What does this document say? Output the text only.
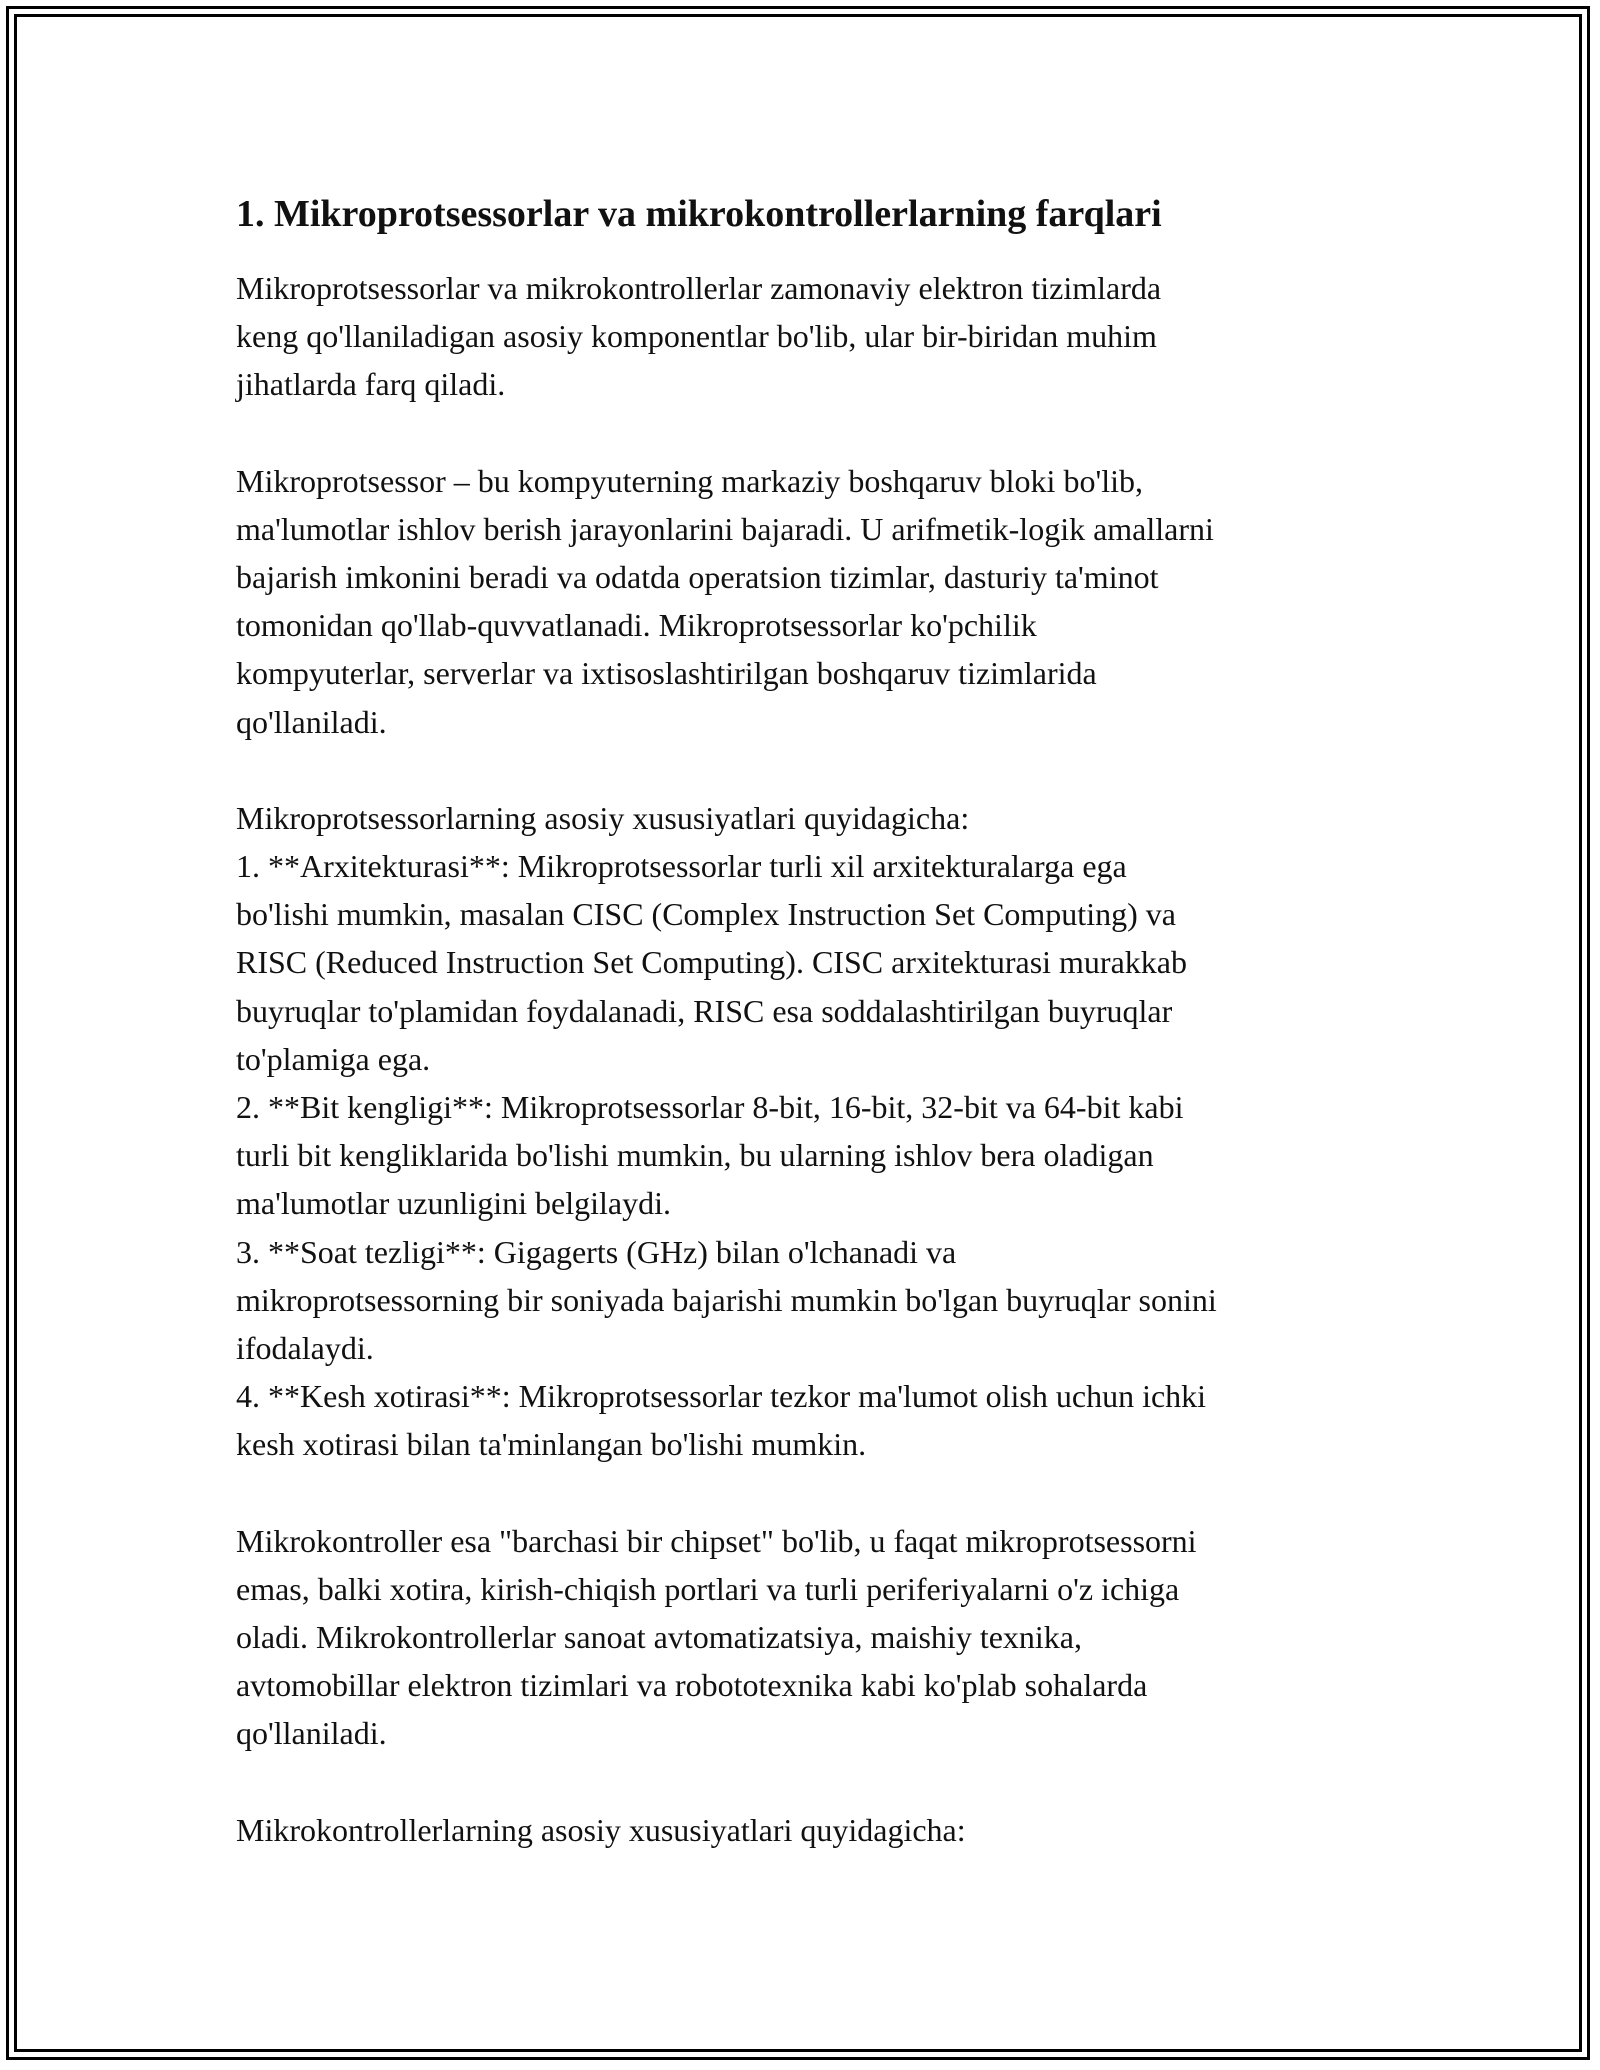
1. Mikroprotsessorlar va mikrokontrollerlarning farqlari

Mikroprotsessorlar va mikrokontrollerlar zamonaviy elektron tizimlarda
keng qo'llaniladigan asosiy komponentlar bo'lib, ular bir-biridan muhim
jihatlarda farq qiladi.

Mikroprotsessor – bu kompyuterning markaziy boshqaruv bloki bo'lib,
ma'lumotlar ishlov berish jarayonlarini bajaradi. U arifmetik-logik amallarni
bajarish imkonini beradi va odatda operatsion tizimlar, dasturiy ta'minot
tomonidan qo'llab-quvvatlanadi. Mikroprotsessorlar ko'pchilik
kompyuterlar, serverlar va ixtisoslashtirilgan boshqaruv tizimlarida
qo'llaniladi.

Mikroprotsessorlarning asosiy xususiyatlari quyidagicha:

1. **Arxitekturasi**: Mikroprotsessorlar turli xil arxitekturalarga ega
bo'lishi mumkin, masalan CISC (Complex Instruction Set Computing) va
RISC (Reduced Instruction Set Computing). CISC arxitekturasi murakkab
buyruqlar to'plamidan foydalanadi, RISC esa soddalashtirilgan buyruqlar
to'plamiga ega.

2. **Bit kengligi**: Mikroprotsessorlar 8-bit, 16-bit, 32-bit va 64-bit kabi
turli bit kengliklarida bo'lishi mumkin, bu ularning ishlov bera oladigan
ma'lumotlar uzunligini belgilaydi.

3. **Soat tezligi**: Gigagerts (GHz) bilan o'lchanadi va
mikroprotsessorning bir soniyada bajarishi mumkin bo'lgan buyruqlar sonini
ifodalaydi.

4. **Kesh xotirasi**: Mikroprotsessorlar tezkor ma'lumot olish uchun ichki
kesh xotirasi bilan ta'minlangan bo'lishi mumkin.

Mikrokontroller esa "barchasi bir chipset" bo'lib, u faqat mikroprotsessorni
emas, balki xotira, kirish-chiqish portlari va turli periferiyalarni o'z ichiga
oladi. Mikrokontrollerlar sanoat avtomatizatsiya, maishiy texnika,
avtomobillar elektron tizimlari va robototexnika kabi ko'plab sohalarda
qo'llaniladi.

Mikrokontrollerlarning asosiy xususiyatlari quyidagicha:
